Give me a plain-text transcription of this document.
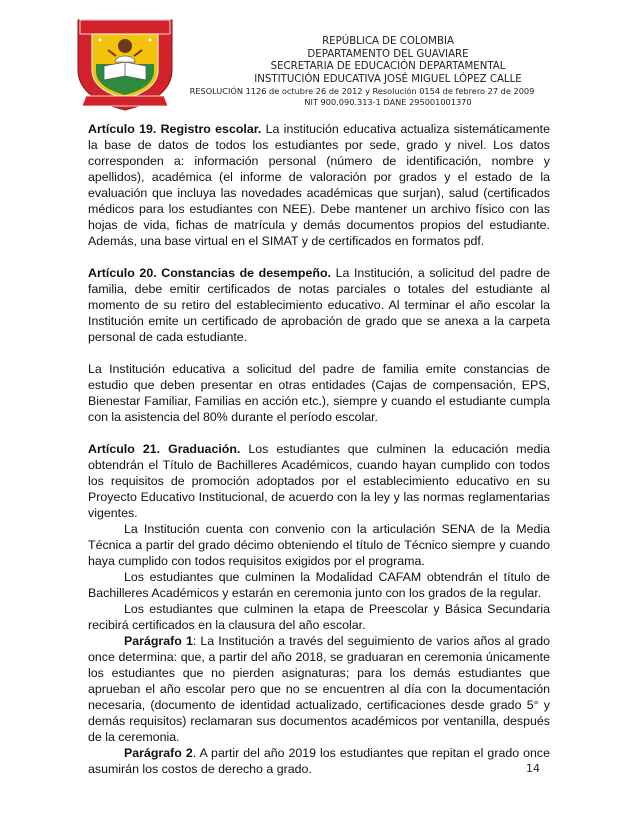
REPÚBLICA DE COLOMBIA
DEPARTAMENTO DEL GUAVIARE
SECRETARIA DE EDUCACIÓN DEPARTAMENTAL
INSTITUCIÓN EDUCATIVA JOSÉ MIGUEL LÓPEZ CALLE
RESOLUCIÓN 1126 de octubre 26 de 2012 y Resolución 0154 de febrero 27 de 2009
NIT 900.090.313-1 DANE 295001001370

Artículo 19. Registro escolar. La institución educativa actualiza sistemáticamente la base de datos de todos los estudiantes por sede, grado y nivel. Los datos corresponden a: información personal (número de identificación, nombre y apellidos), académica (el informe de valoración por grados y el estado de la evaluación que incluya las novedades académicas que surjan), salud (certificados médicos para los estudiantes con NEE). Debe mantener un archivo físico con las hojas de vida, fichas de matrícula y demás documentos propios del estudiante. Además, una base virtual en el SIMAT y de certificados en formatos pdf.

Artículo 20. Constancias de desempeño. La Institución, a solicitud del padre de familia, debe emitir certificados de notas parciales o totales del estudiante al momento de su retiro del establecimiento educativo. Al terminar el año escolar la Institución emite un certificado de aprobación de grado que se anexa a la carpeta personal de cada estudiante.

La Institución educativa a solicitud del padre de familia emite constancias de estudio que deben presentar en otras entidades (Cajas de compensación, EPS, Bienestar Familiar, Familias en acción etc.), siempre y cuando el estudiante cumpla con la asistencia del 80% durante el período escolar.

Artículo 21. Graduación. Los estudiantes que culminen la educación media obtendrán el Título de Bachilleres Académicos, cuando hayan cumplido con todos los requisitos de promoción adoptados por el establecimiento educativo en su Proyecto Educativo Institucional, de acuerdo con la ley y las normas reglamentarias vigentes.

La Institución cuenta con convenio con la articulación SENA de la Media Técnica a partir del grado décimo obteniendo el título de Técnico siempre y cuando haya cumplido con todos requisitos exigidos por el programa.

Los estudiantes que culminen la Modalidad CAFAM obtendrán el título de Bachilleres Académicos y estarán en ceremonia junto con los grados de la regular.

Los estudiantes que culminen la etapa de Preescolar y Básica Secundaria recibirá certificados en la clausura del año escolar.

Parágrafo 1: La Institución a través del seguimiento de varios años al grado once determina: que, a partir del año 2018, se graduaran en ceremonia únicamente los estudiantes que no pierden asignaturas; para los demás estudiantes que aprueban el año escolar pero que no se encuentren al día con la documentación necesaria, (documento de identidad actualizado, certificaciones desde grado 5° y demás requisitos) reclamaran sus documentos académicos por ventanilla, después de la ceremonia.

Parágrafo 2. A partir del año 2019 los estudiantes que repitan el grado once asumirán los costos de derecho a grado.	14
